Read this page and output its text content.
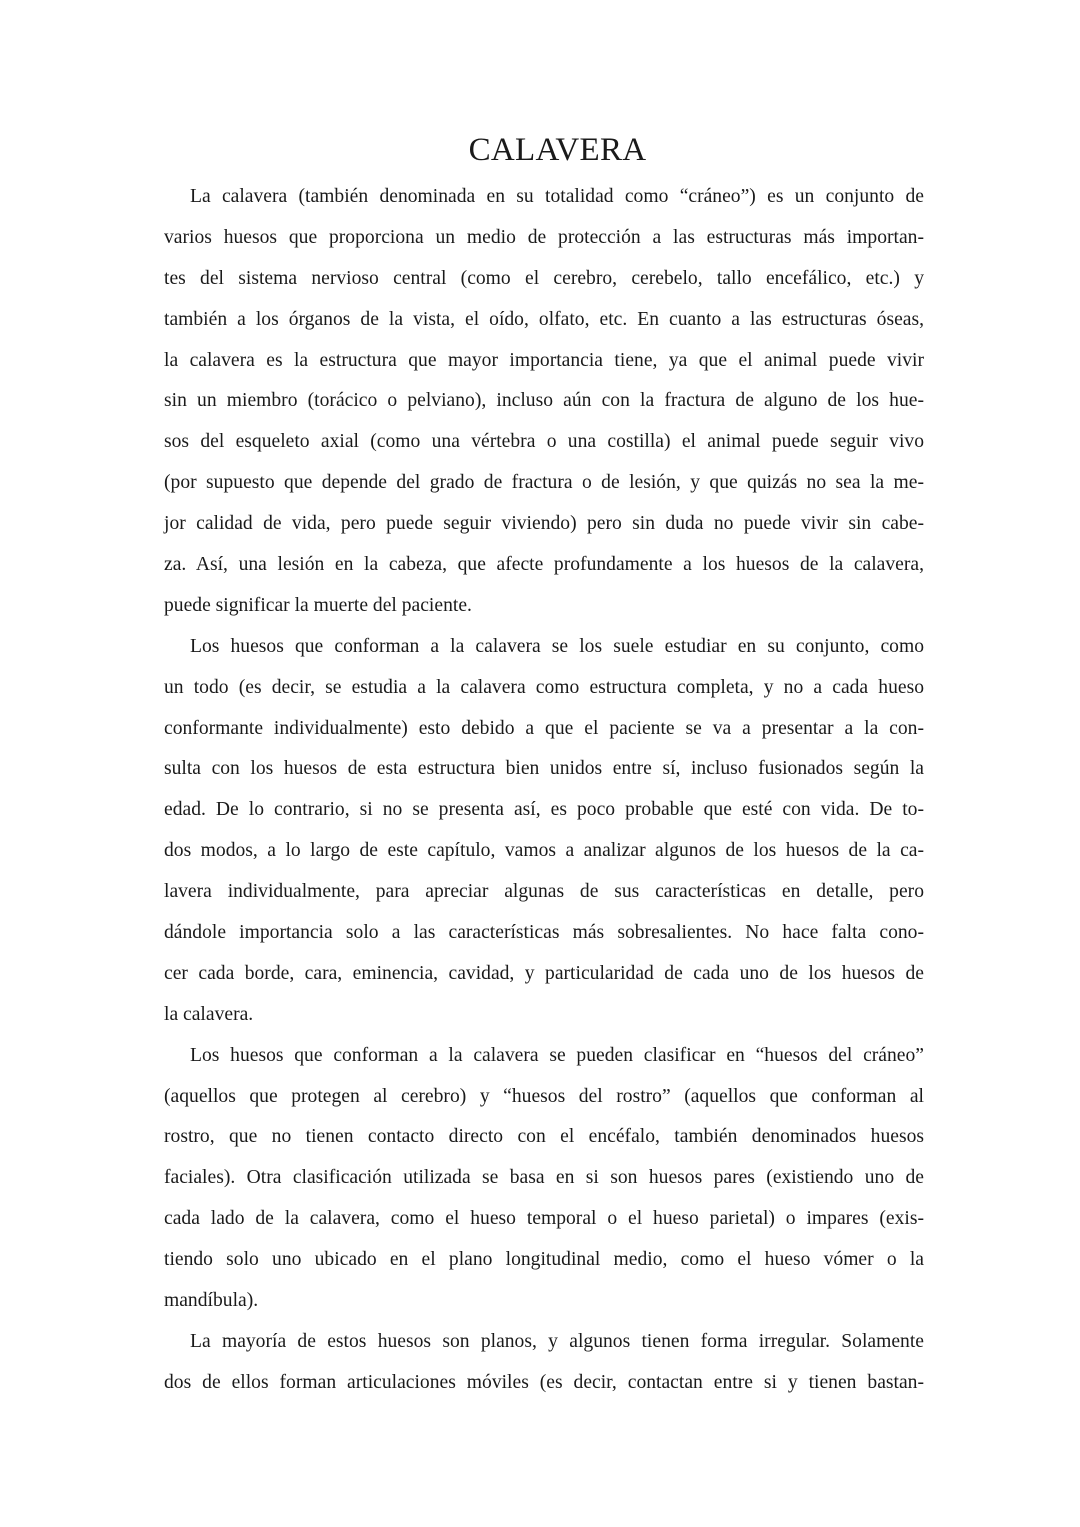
CALAVERA
La calavera (también denominada en su totalidad como “cráneo”) es un conjunto de
varios huesos que proporciona un medio de protección a las estructuras más importan-
tes del sistema nervioso central (como el cerebro, cerebelo, tallo encefálico, etc.) y
también a los órganos de la vista, el oído, olfato, etc. En cuanto a las estructuras óseas,
la calavera es la estructura que mayor importancia tiene, ya que el animal puede vivir
sin un miembro (torácico o pelviano), incluso aún con la fractura de alguno de los hue-
sos del esqueleto axial (como una vértebra o una costilla) el animal puede seguir vivo
(por supuesto que depende del grado de fractura o de lesión, y que quizás no sea la me-
jor calidad de vida, pero puede seguir viviendo) pero sin duda no puede vivir sin cabe-
za. Así, una lesión en la cabeza, que afecte profundamente a los huesos de la calavera,
puede significar la muerte del paciente.
Los huesos que conforman a la calavera se los suele estudiar en su conjunto, como
un todo (es decir, se estudia a la calavera como estructura completa, y no a cada hueso
conformante individualmente) esto debido a que el paciente se va a presentar a la con-
sulta con los huesos de esta estructura bien unidos entre sí, incluso fusionados según la
edad. De lo contrario, si no se presenta así, es poco probable que esté con vida. De to-
dos modos, a lo largo de este capítulo, vamos a analizar algunos de los huesos de la ca-
lavera individualmente, para apreciar algunas de sus características en detalle, pero
dándole importancia solo a las características más sobresalientes. No hace falta cono-
cer cada borde, cara, eminencia, cavidad, y particularidad de cada uno de los huesos de
la calavera.
Los huesos que conforman a la calavera se pueden clasificar en “huesos del cráneo”
(aquellos que protegen al cerebro) y “huesos del rostro” (aquellos que conforman al
rostro, que no tienen contacto directo con el encéfalo, también denominados huesos
faciales). Otra clasificación utilizada se basa en si son huesos pares (existiendo uno de
cada lado de la calavera, como el hueso temporal o el hueso parietal) o impares (exis-
tiendo solo uno ubicado en el plano longitudinal medio, como el hueso vómer o la
mandíbula).
La mayoría de estos huesos son planos, y algunos tienen forma irregular. Solamente
dos de ellos forman articulaciones móviles (es decir, contactan entre si y tienen bastan-
